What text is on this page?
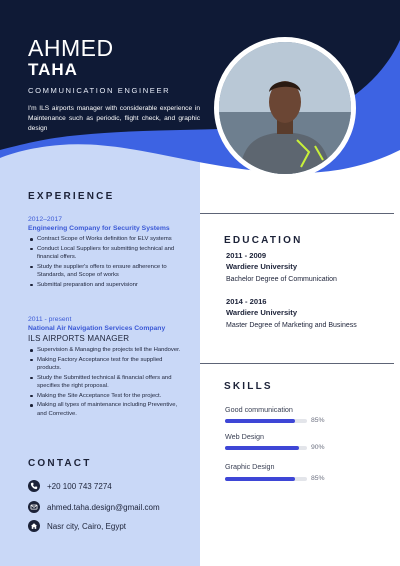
AHMED
TAHA
COMMUNICATION ENGINEER
I'm ILS airports manager with considerable experience in Maintenance such as periodic, flight check, and graphic design
EXPERIENCE
2012–2017
Engineering Company for Security Systems
Contract Scope of Works definition for ELV systems
Conduct Local Suppliers for submitting technical and financial offers.
Study the supplier's offers to ensure adherence to Standards, and Scope of works
Submittal preparation and supervisionr
2011 - present
National Air Navigation Services Company
ILS AIRPORTS MANAGER
Supervision & Managing the projects tell the Handover.
Making Factory Acceptance test for the supplied products.
Study the Submitted technical & financial offers and specifies the right proposal.
Making the Site Acceptance Test for the project.
Making all types of maintenance including Preventive, and Corrective.
CONTACT
+20 100 743 7274
ahmed.taha.design@gmail.com
Nasr city, Cairo, Egypt
EDUCATION
2011 - 2009
Wardiere University
Bachelor Degree of Communication
2014 - 2016
Wardiere University
Master Degree of Marketing and Business
SKILLS
Good communication
85%
Web Design
90%
Graphic Design
85%
